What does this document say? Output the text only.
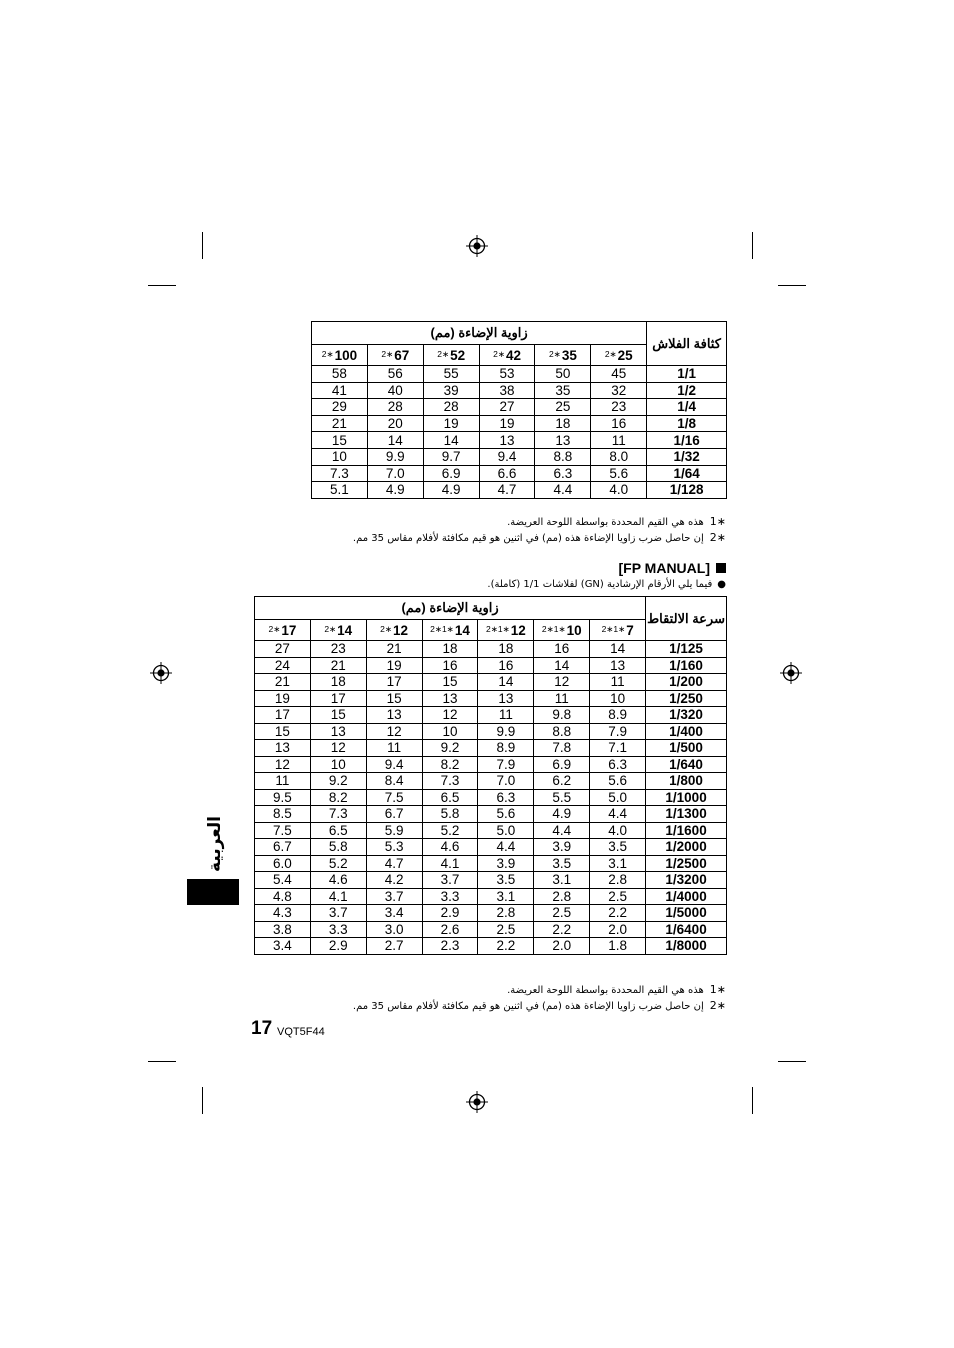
زاوية الإضاءة (مم)						كثافة الفلاش
$^{2∗}$100	$^{2∗}$67	$^{2∗}$52	$^{2∗}$42	$^{2∗}$35	$^{2∗}$25	
58	56	55	53	50	45	1/1
41	40	39	38	35	32	1/2
29	28	28	27	25	23	1/4
21	20	19	19	18	16	1/8
15	14	14	13	13	11	1/16
10	9.9	9.7	9.4	8.8	8.0	1/32
7.3	7.0	6.9	6.6	6.3	5.6	1/64
5.1	4.9	4.9	4.7	4.4	4.0	1/128
1∗هذه هي القيم المحددة بواسطة اللوحة العريضة.
2∗إن حاصل ضرب زاويا الإضاءة هذه (مم) في اثنين هو قيم مكافئة لأفلام مقاس 35 مم.
[FP MANUAL]
●فيما يلي الأرقام الإرشادية (GN) لفلاشات 1/1 (كاملة).
زاوية الإضاءة (مم)							سرعة الالتقاط
$^{2∗}$17	$^{2∗}$14	$^{2∗}$12	$^{2∗1∗}$14	$^{2∗1∗}$12	$^{2∗1∗}$10	$^{2∗1∗}$7	
27	23	21	18	18	16	14	1/125
24	21	19	16	16	14	13	1/160
21	18	17	15	14	12	11	1/200
19	17	15	13	13	11	10	1/250
17	15	13	12	11	9.8	8.9	1/320
15	13	12	10	9.9	8.8	7.9	1/400
13	12	11	9.2	8.9	7.8	7.1	1/500
12	10	9.4	8.2	7.9	6.9	6.3	1/640
11	9.2	8.4	7.3	7.0	6.2	5.6	1/800
9.5	8.2	7.5	6.5	6.3	5.5	5.0	1/1000
8.5	7.3	6.7	5.8	5.6	4.9	4.4	1/1300
7.5	6.5	5.9	5.2	5.0	4.4	4.0	1/1600
6.7	5.8	5.3	4.6	4.4	3.9	3.5	1/2000
6.0	5.2	4.7	4.1	3.9	3.5	3.1	1/2500
5.4	4.6	4.2	3.7	3.5	3.1	2.8	1/3200
4.8	4.1	3.7	3.3	3.1	2.8	2.5	1/4000
4.3	3.7	3.4	2.9	2.8	2.5	2.2	1/5000
3.8	3.3	3.0	2.6	2.5	2.2	2.0	1/6400
3.4	2.9	2.7	2.3	2.2	2.0	1.8	1/8000
1∗هذه هي القيم المحددة بواسطة اللوحة العريضة.
2∗إن حاصل ضرب زاويا الإضاءة هذه (مم) في اثنين هو قيم مكافئة لأفلام مقاس 35 مم.
العربية
17 VQT5F44
